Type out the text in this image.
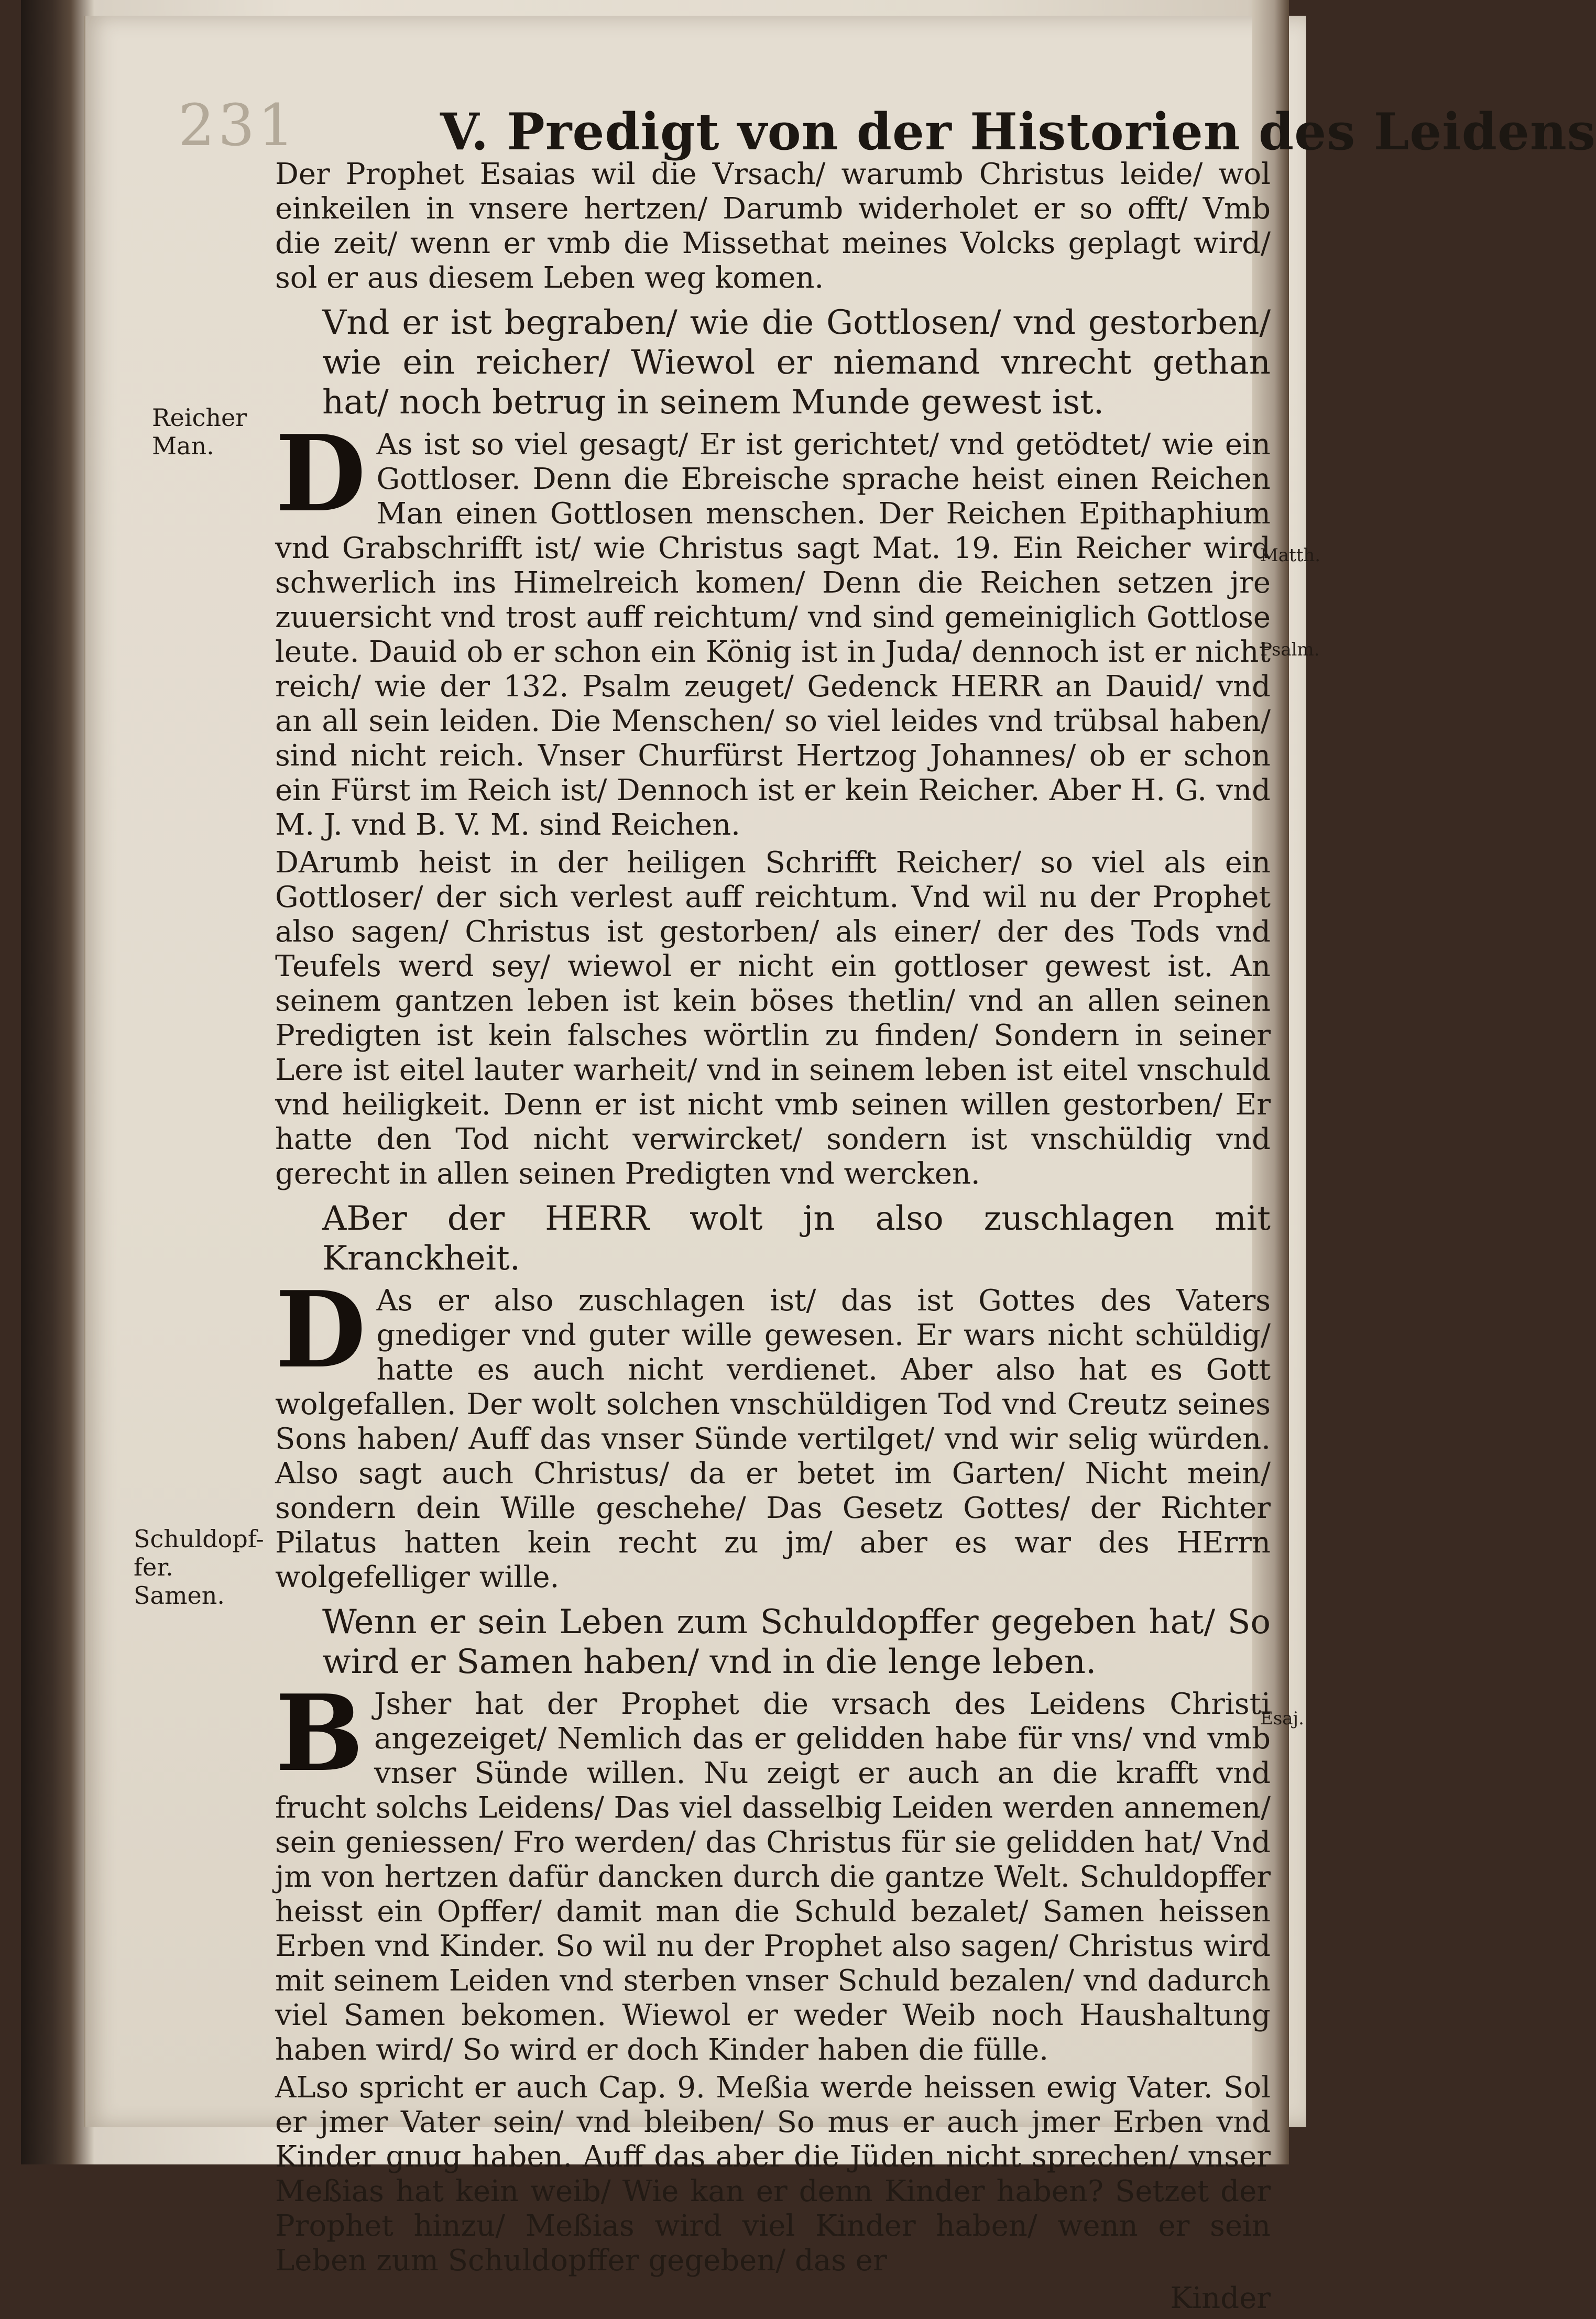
231	V. Predigt von der Historien des Leidens
Reicher
Man.
Schuldopf-
fer.
Samen.
Matth.
Psalm.
Esaj.

Der Prophet Esaias wil die Vrsach/ warumb Christus leide/ wol einkeilen in vnsere hertzen/ Darumb widerholet er so offt/ Vmb die zeit/ wenn er vmb die Missethat meines Volcks geplagt wird/ sol er aus diesem Leben weg komen.

Vnd er ist begraben/ wie die Gottlosen/ vnd gestorben/ wie ein reicher/ Wiewol er niemand vnrecht gethan hat/ noch betrug in seinem Munde gewest ist.

D As ist so viel gesagt/ Er ist gerichtet/ vnd getödtet/ wie ein Gottloser. Denn die Ebreische sprache heist einen Reichen Man einen Gottlosen menschen. Der Reichen Epithaphium vnd Grabschrifft ist/ wie Christus sagt Mat. 19. Ein Reicher wird schwerlich ins Himelreich komen/ Denn die Reichen setzen jre zuuersicht vnd trost auff reichtum/ vnd sind gemeiniglich Gottlose leute. Dauid ob er schon ein König ist in Juda/ dennoch ist er nicht reich/ wie der 132. Psalm zeuget/ Gedenck HERR an Dauid/ vnd an all sein leiden. Die Menschen/ so viel leides vnd trübsal haben/ sind nicht reich. Vnser Churfürst Hertzog Johannes/ ob er schon ein Fürst im Reich ist/ Dennoch ist er kein Reicher. Aber H. G. vnd M. J. vnd B. V. M. sind Reichen.

DArumb heist in der heiligen Schrifft Reicher/ so viel als ein Gottloser/ der sich verlest auff reichtum. Vnd wil nu der Prophet also sagen/ Christus ist gestorben/ als einer/ der des Tods vnd Teufels werd sey/ wiewol er nicht ein gottloser gewest ist. An seinem gantzen leben ist kein böses thetlin/ vnd an allen seinen Predigten ist kein falsches wörtlin zu finden/ Sondern in seiner Lere ist eitel lauter warheit/ vnd in seinem leben ist eitel vnschuld vnd heiligkeit. Denn er ist nicht vmb seinen willen gestorben/ Er hatte den Tod nicht verwircket/ sondern ist vnschüldig vnd gerecht in allen seinen Predigten vnd wercken.

ABer der HERR wolt jn also zuschlagen mit Kranckheit.

D As er also zuschlagen ist/ das ist Gottes des Vaters gnediger vnd guter wille gewesen. Er wars nicht schüldig/ hatte es auch nicht verdienet. Aber also hat es Gott wolgefallen. Der wolt solchen vnschüldigen Tod vnd Creutz seines Sons haben/ Auff das vnser Sünde vertilget/ vnd wir selig würden. Also sagt auch Christus/ da er betet im Garten/ Nicht mein/ sondern dein Wille geschehe/ Das Gesetz Gottes/ der Richter Pilatus hatten kein recht zu jm/ aber es war des HErrn wolgefelliger wille.

Wenn er sein Leben zum Schuldopffer gegeben hat/ So wird er Samen haben/ vnd in die lenge leben.

B Jsher hat der Prophet die vrsach des Leidens Christi angezeiget/ Nemlich das er gelidden habe für vns/ vnd vmb vnser Sünde willen. Nu zeigt er auch an die krafft vnd frucht solchs Leidens/ Das viel dasselbig Leiden werden annemen/ sein geniessen/ Fro werden/ das Christus für sie gelidden hat/ Vnd jm von hertzen dafür dancken durch die gantze Welt. Schuldopffer heisst ein Opffer/ damit man die Schuld bezalet/ Samen heissen Erben vnd Kinder. So wil nu der Prophet also sagen/ Christus wird mit seinem Leiden vnd sterben vnser Schuld bezalen/ vnd dadurch viel Samen bekomen. Wiewol er weder Weib noch Haushaltung haben wird/ So wird er doch Kinder haben die fülle.

ALso spricht er auch Cap. 9. Meßia werde heissen ewig Vater. Sol er jmer Vater sein/ vnd bleiben/ So mus er auch jmer Erben vnd Kinder gnug haben. Auff das aber die Jüden nicht sprechen/ vnser Meßias hat kein weib/ Wie kan er denn Kinder haben? Setzet der Prophet hinzu/ Meßias wird viel Kinder haben/ wenn er sein Leben zum Schuldopffer gegeben/ das er

Kinder
